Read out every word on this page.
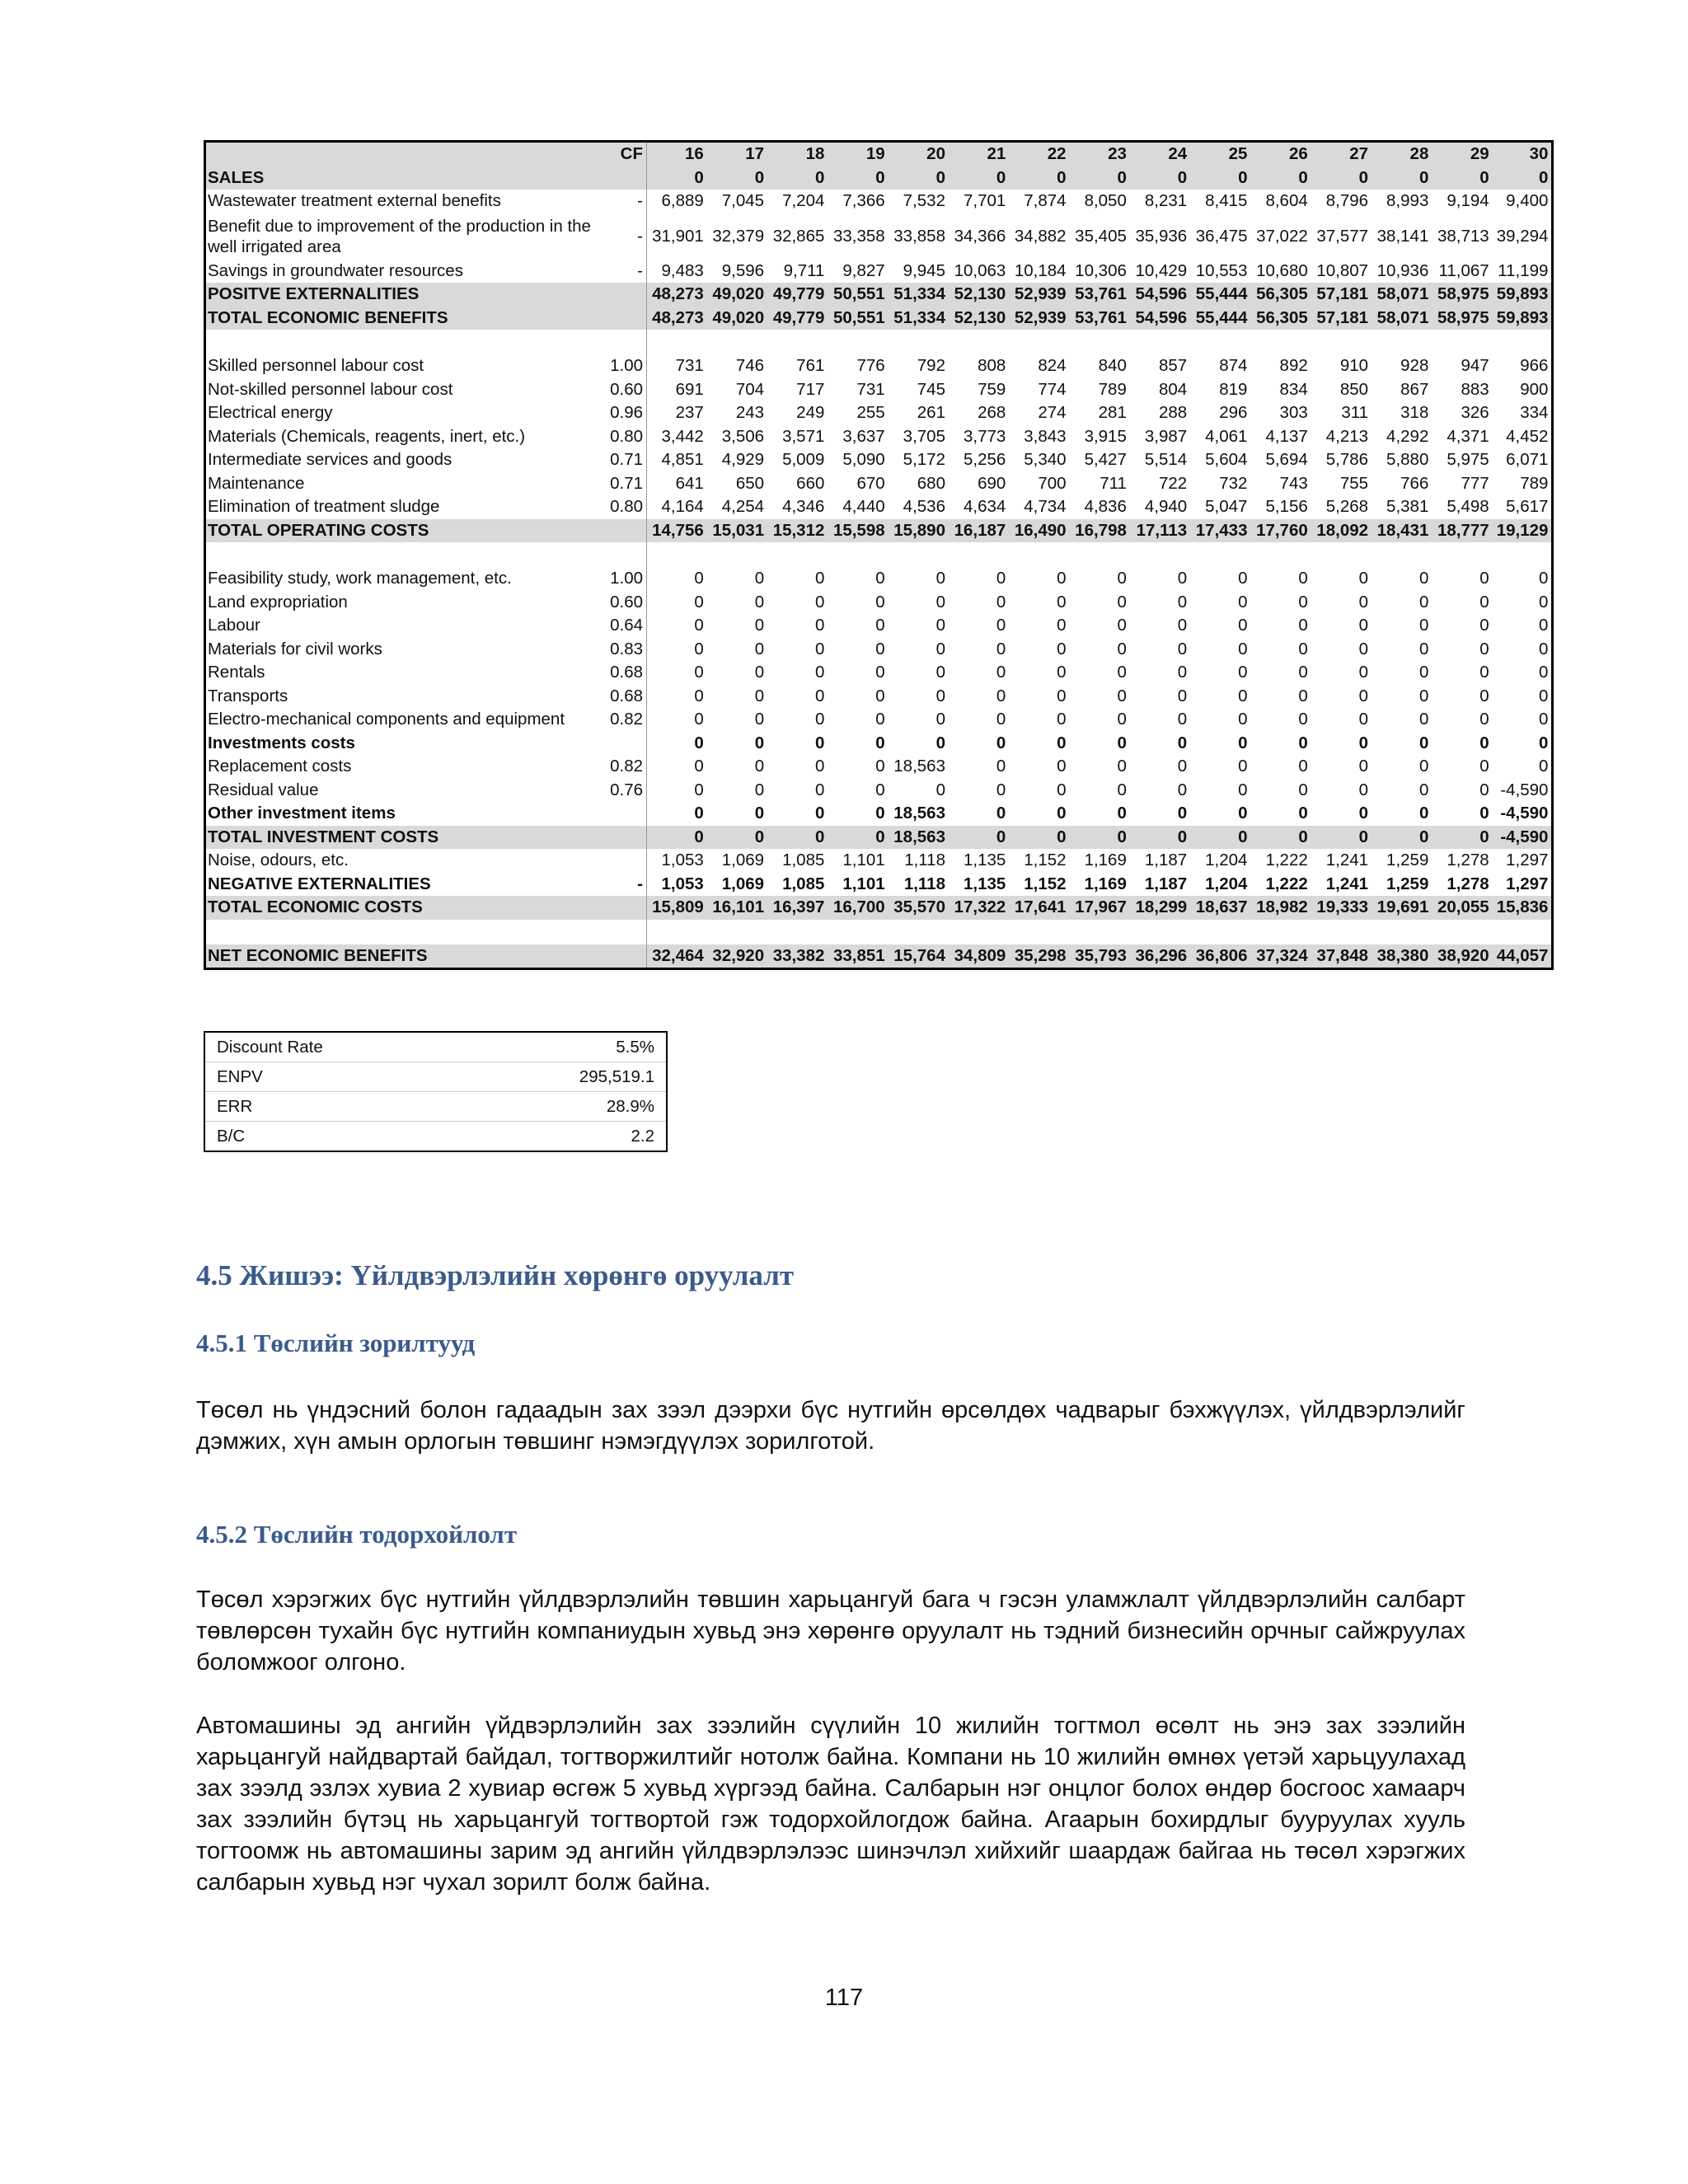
	CF	16	17	18	19	20	21	22	23	24	25	26	27	28	29	30
SALES		0	0	0	0	0	0	0	0	0	0	0	0	0	0	0
Wastewater treatment external benefits	-	6,889	7,045	7,204	7,366	7,532	7,701	7,874	8,050	8,231	8,415	8,604	8,796	8,993	9,194	9,400
Benefit due to improvement of the production in the well irrigated area	-	31,901	32,379	32,865	33,358	33,858	34,366	34,882	35,405	35,936	36,475	37,022	37,577	38,141	38,713	39,294
Savings in groundwater resources	-	9,483	9,596	9,711	9,827	9,945	10,063	10,184	10,306	10,429	10,553	10,680	10,807	10,936	11,067	11,199
POSITVE EXTERNALITIES		48,273	49,020	49,779	50,551	51,334	52,130	52,939	53,761	54,596	55,444	56,305	57,181	58,071	58,975	59,893
TOTAL ECONOMIC BENEFITS		48,273	49,020	49,779	50,551	51,334	52,130	52,939	53,761	54,596	55,444	56,305	57,181	58,071	58,975	59,893

Skilled personnel labour cost	1.00	731	746	761	776	792	808	824	840	857	874	892	910	928	947	966
Not-skilled personnel labour cost	0.60	691	704	717	731	745	759	774	789	804	819	834	850	867	883	900
Electrical energy	0.96	237	243	249	255	261	268	274	281	288	296	303	311	318	326	334
Materials (Chemicals, reagents, inert, etc.)	0.80	3,442	3,506	3,571	3,637	3,705	3,773	3,843	3,915	3,987	4,061	4,137	4,213	4,292	4,371	4,452
Intermediate services and goods	0.71	4,851	4,929	5,009	5,090	5,172	5,256	5,340	5,427	5,514	5,604	5,694	5,786	5,880	5,975	6,071
Maintenance	0.71	641	650	660	670	680	690	700	711	722	732	743	755	766	777	789
Elimination of treatment sludge	0.80	4,164	4,254	4,346	4,440	4,536	4,634	4,734	4,836	4,940	5,047	5,156	5,268	5,381	5,498	5,617
TOTAL OPERATING COSTS		14,756	15,031	15,312	15,598	15,890	16,187	16,490	16,798	17,113	17,433	17,760	18,092	18,431	18,777	19,129

Feasibility study, work management, etc.	1.00	0	0	0	0	0	0	0	0	0	0	0	0	0	0	0
Land expropriation	0.60	0	0	0	0	0	0	0	0	0	0	0	0	0	0	0
Labour	0.64	0	0	0	0	0	0	0	0	0	0	0	0	0	0	0
Materials for civil works	0.83	0	0	0	0	0	0	0	0	0	0	0	0	0	0	0
Rentals	0.68	0	0	0	0	0	0	0	0	0	0	0	0	0	0	0
Transports	0.68	0	0	0	0	0	0	0	0	0	0	0	0	0	0	0
Electro-mechanical components and equipment	0.82	0	0	0	0	0	0	0	0	0	0	0	0	0	0	0
Investments costs		0	0	0	0	0	0	0	0	0	0	0	0	0	0	0
Replacement costs	0.82	0	0	0	0	18,563	0	0	0	0	0	0	0	0	0	0
Residual value	0.76	0	0	0	0	0	0	0	0	0	0	0	0	0	0	-4,590
Other investment items		0	0	0	0	18,563	0	0	0	0	0	0	0	0	0	-4,590
TOTAL INVESTMENT COSTS		0	0	0	0	18,563	0	0	0	0	0	0	0	0	0	-4,590
Noise, odours, etc.		1,053	1,069	1,085	1,101	1,118	1,135	1,152	1,169	1,187	1,204	1,222	1,241	1,259	1,278	1,297
NEGATIVE EXTERNALITIES	-	1,053	1,069	1,085	1,101	1,118	1,135	1,152	1,169	1,187	1,204	1,222	1,241	1,259	1,278	1,297
TOTAL ECONOMIC COSTS		15,809	16,101	16,397	16,700	35,570	17,322	17,641	17,967	18,299	18,637	18,982	19,333	19,691	20,055	15,836

NET ECONOMIC BENEFITS		32,464	32,920	33,382	33,851	15,764	34,809	35,298	35,793	36,296	36,806	37,324	37,848	38,380	38,920	44,057
Discount Rate	5.5%
ENPV	295,519.1
ERR	28.9%
B/C	2.2
4.5 Жишээ: Үйлдвэрлэлийн хөрөнгө оруулалт
4.5.1 Төслийн зорилтууд

Төсөл нь үндэсний болон гадаадын зах зээл дээрхи бүс нутгийн өрсөлдөх чадварыг бэхжүүлэх, үйлдвэрлэлийг дэмжих, хүн амын орлогын төвшинг нэмэгдүүлэх зорилготой.

4.5.2 Төслийн тодорхойлолт

Төсөл хэрэгжих бүс нутгийн үйлдвэрлэлийн төвшин харьцангуй бага ч гэсэн уламжлалт үйлдвэрлэлийн салбарт төвлөрсөн тухайн бүс нутгийн компаниудын хувьд энэ хөрөнгө оруулалт нь тэдний бизнесийн орчныг сайжруулах боломжоог олгоно.

Автомашины эд ангийн үйдвэрлэлийн зах зээлийн сүүлийн 10 жилийн тогтмол өсөлт нь энэ зах зээлийн харьцангуй найдвартай байдал, тогтворжилтийг нотолж байна. Компани нь 10 жилийн өмнөх үетэй харьцуулахад зах зээлд эзлэх хувиа 2 хувиар өсгөж 5 хувьд хүргээд байна. Салбарын нэг онцлог болох өндөр босгоос хамаарч зах зээлийн бүтэц нь харьцангуй тогтвортой гэж тодорхойлогдож байна. Агаарын бохирдлыг бууруулах хууль тогтоомж нь автомашины зарим эд ангийн үйлдвэрлэлээс шинэчлэл хийхийг шаардаж байгаа нь төсөл хэрэгжих салбарын хувьд нэг чухал зорилт болж байна.

117
